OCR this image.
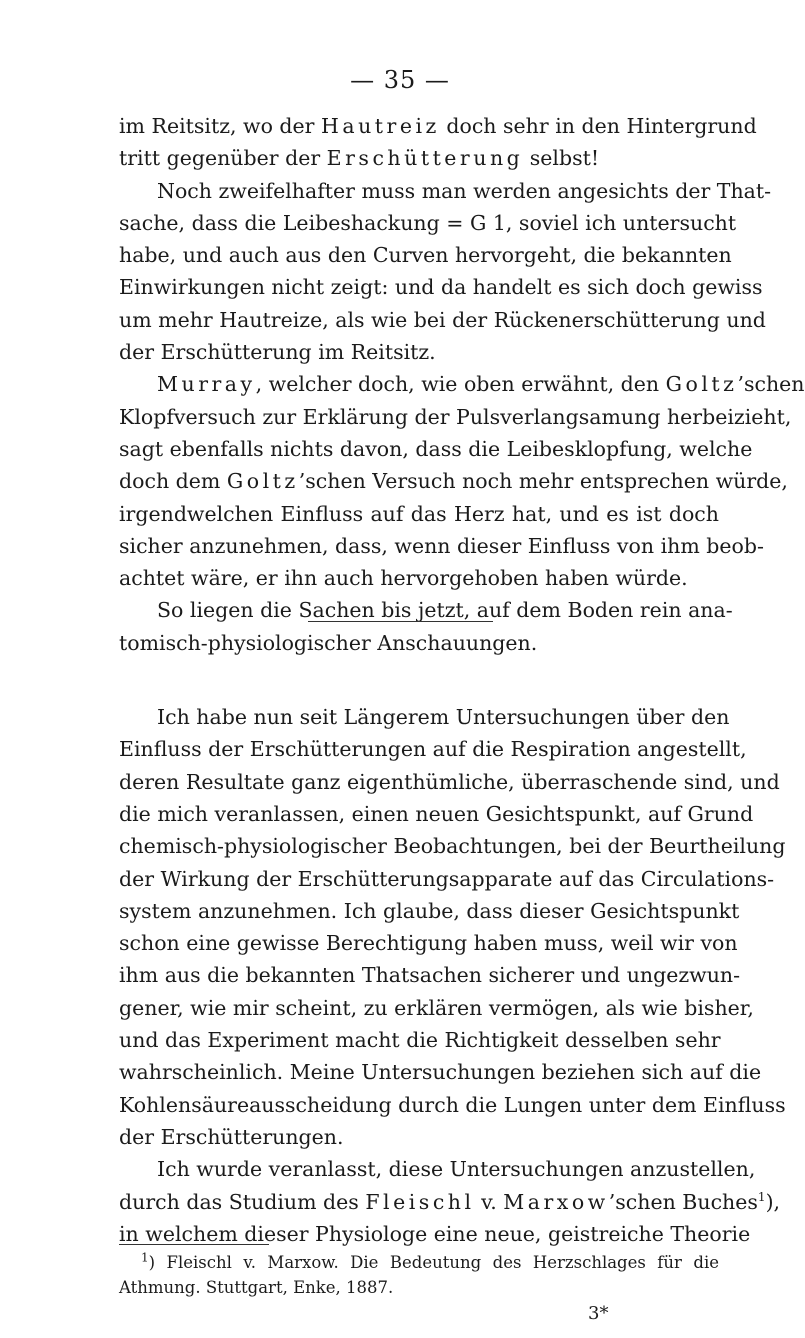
— 35 —
im Reitsitz, wo der Hautreiz doch sehr in den Hintergrund
tritt gegenüber der Erschütterung selbst!
Noch zweifelhafter muss man werden angesichts der That-
sache, dass die Leibeshackung = G 1, soviel ich untersucht
habe, und auch aus den Curven hervorgeht, die bekannten
Einwirkungen nicht zeigt: und da handelt es sich doch gewiss
um mehr Hautreize, als wie bei der Rückenerschütterung und
der Erschütterung im Reitsitz.
Murray, welcher doch, wie oben erwähnt, den Goltz’schen
Klopfversuch zur Erklärung der Pulsverlangsamung herbeizieht,
sagt ebenfalls nichts davon, dass die Leibesklopfung, welche
doch dem Goltz’schen Versuch noch mehr entsprechen würde,
irgendwelchen Einfluss auf das Herz hat, und es ist doch
sicher anzunehmen, dass, wenn dieser Einfluss von ihm beob-
achtet wäre, er ihn auch hervorgehoben haben würde.
So liegen die Sachen bis jetzt, auf dem Boden rein ana-
tomisch-physiologischer Anschauungen.
Ich habe nun seit Längerem Untersuchungen über den
Einfluss der Erschütterungen auf die Respiration angestellt,
deren Resultate ganz eigenthümliche, überraschende sind, und
die mich veranlassen, einen neuen Gesichtspunkt, auf Grund
chemisch-physiologischer Beobachtungen, bei der Beurtheilung
der Wirkung der Erschütterungsapparate auf das Circulations-
system anzunehmen. Ich glaube, dass dieser Gesichtspunkt
schon eine gewisse Berechtigung haben muss, weil wir von
ihm aus die bekannten Thatsachen sicherer und ungezwun-
gener, wie mir scheint, zu erklären vermögen, als wie bisher,
und das Experiment macht die Richtigkeit desselben sehr
wahrscheinlich. Meine Untersuchungen beziehen sich auf die
Kohlensäureausscheidung durch die Lungen unter dem Einfluss
der Erschütterungen.
Ich wurde veranlasst, diese Untersuchungen anzustellen,
durch das Studium des Fleischl v. Marxow’schen Buches$^1$),
in welchem dieser Physiologe eine neue, geistreiche Theorie
$^1$) Fleischl v. Marxow. Die Bedeutung des Herzschlages für die
Athmung. Stuttgart, Enke, 1887.
3*
